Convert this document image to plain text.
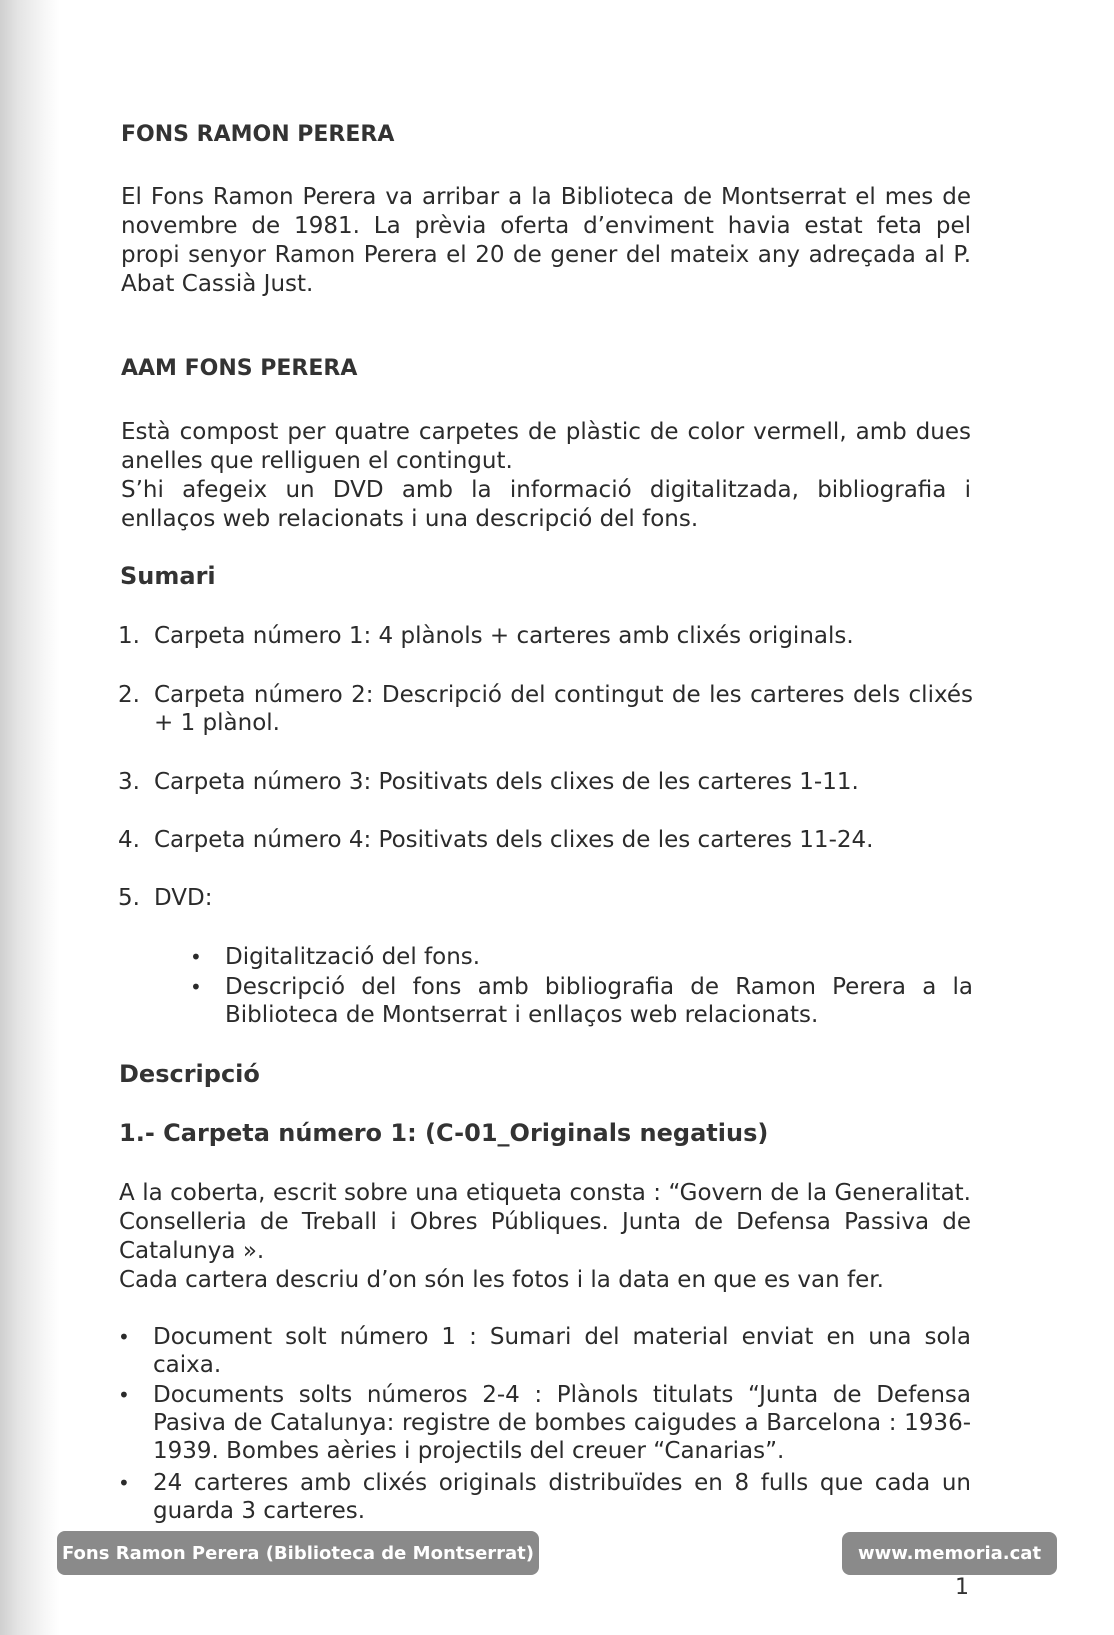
FONS RAMON PERERA

El Fons Ramon Perera va arribar a la Biblioteca de Montserrat el mes de novembre de 1981. La prèvia oferta d’enviment havia estat feta pel propi senyor Ramon Perera el 20 de gener del mateix any adreçada al P. Abat Cassià Just.

AAM FONS PERERA

Està compost per quatre carpetes de plàstic de color vermell, amb dues anelles que relliguen el contingut.

S’hi afegeix un DVD amb la informació digitalitzada, bibliografia i enllaços web relacionats i una descripció del fons.

Sumari
1. Carpeta número 1: 4 plànols + carteres amb clixés originals.
2. Carpeta número 2: Descripció del contingut de les carteres dels clixés + 1 plànol.
3. Carpeta número 3: Positivats dels clixes de les carteres 1-11.
4. Carpeta número 4: Positivats dels clixes de les carteres 11-24.
5. DVD:
• Digitalització del fons.
• Descripció del fons amb bibliografia de Ramon Perera a la Biblioteca de Montserrat i enllaços web relacionats.
Descripció
1.- Carpeta número 1: (C-01_Originals negatius)

A la coberta, escrit sobre una etiqueta consta : “Govern de la Generalitat. Conselleria de Treball i Obres Públiques. Junta de Defensa Passiva de Catalunya ».

Cada cartera descriu d’on són les fotos i la data en que es van fer.

• Document solt número 1 : Sumari del material enviat en una sola caixa.
• Documents solts números 2-4 : Plànols titulats “Junta de Defensa Pasiva de Catalunya: registre de bombes caigudes a Barcelona : 1936-1939. Bombes aèries i projectils del creuer “Canarias”.
• 24 carteres amb clixés originals distribuïdes en 8 fulls que cada un guarda 3 carteres.
Fons Ramon Perera (Biblioteca de Montserrat)	www.memoria.cat
1
